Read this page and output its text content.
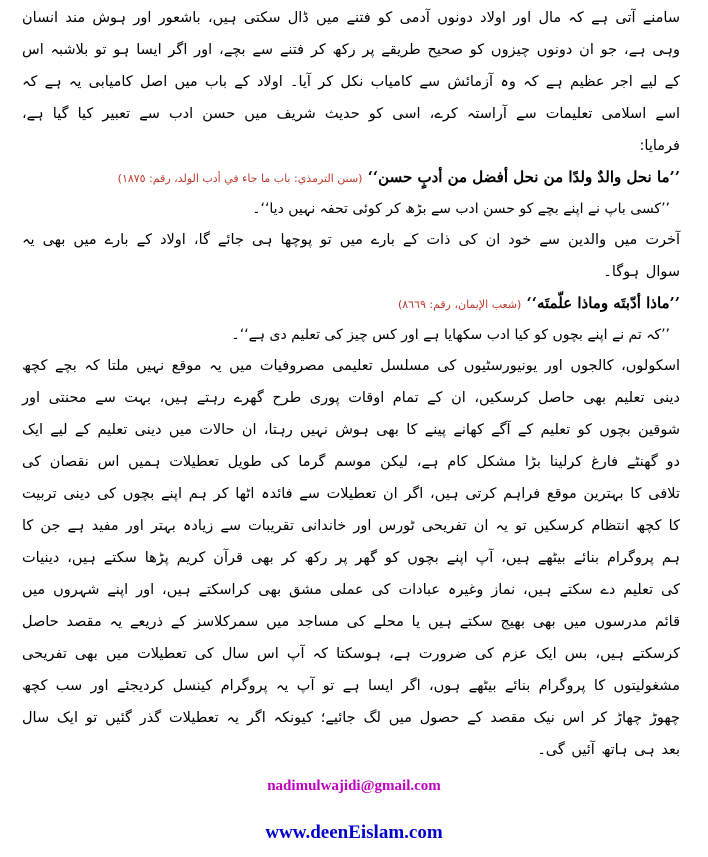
سامنے آتی ہے کہ مال اور اولاد دونوں آدمی کو فتنے میں ڈال سکتی ہیں، باشعور اور ہوش مند انسان وہی ہے، جو ان دونوں چیزوں کو صحیح طریقے پر رکھ کر فتنے سے بچے، اور اگر ایسا ہو تو بلاشبہ اس کے لیے اجر عظیم ہے کہ وہ آزمائش سے کامیاب نکل کر آیا۔ اولاد کے باب میں اصل کامیابی یہ ہے کہ اسے اسلامی تعلیمات سے آراستہ کرے، اسی کو حدیث شریف میں حسن ادب سے تعبیر کیا گیا ہے، فرمایا:

’’ما نحل والدٌ ولدًا من نحل أفضل من أدبٍ حسن‘‘ (سنن الترمذي: باب ما جاء في أدب الولد، رقم: ١٨٧٥)

’’کسی باپ نے اپنے بچے کو حسن ادب سے بڑھ کر کوئی تحفہ نہیں دیا‘‘۔

آخرت میں والدین سے خود ان کی ذات کے بارے میں تو پوچھا ہی جائے گا، اولاد کے بارے میں بھی یہ سوال ہوگا۔

’’ماذا أدّبتَه وماذا علّمتَه‘‘ (شعب الإيمان، رقم: ٨٦٦٩)

’’کہ تم نے اپنے بچوں کو کیا ادب سکھایا ہے اور کس چیز کی تعلیم دی ہے‘‘۔

اسکولوں، کالجوں اور یونیورسٹیوں کی مسلسل تعلیمی مصروفیات میں یہ موقع نہیں ملتا کہ بچے کچھ دینی تعلیم بھی حاصل کرسکیں، ان کے تمام اوقات پوری طرح گھرے رہتے ہیں، بہت سے محنتی اور شوقین بچوں کو تعلیم کے آگے کھانے پینے کا بھی ہوش نہیں رہتا، ان حالات میں دینی تعلیم کے لیے ایک دو گھنٹے فارغ کرلینا بڑا مشکل کام ہے، لیکن موسم گرما کی طویل تعطیلات ہمیں اس نقصان کی تلافی کا بہترین موقع فراہم کرتی ہیں، اگر ان تعطیلات سے فائدہ اٹھا کر ہم اپنے بچوں کی دینی تربیت کا کچھ انتظام کرسکیں تو یہ ان تفریحی ٹورس اور خاندانی تقریبات سے زیادہ بہتر اور مفید ہے جن کا ہم پروگرام بنائے بیٹھے ہیں، آپ اپنے بچوں کو گھر پر رکھ کر بھی قرآن کریم پڑھا سکتے ہیں، دینیات کی تعلیم دے سکتے ہیں، نماز وغیرہ عبادات کی عملی مشق بھی کراسکتے ہیں، اور اپنے شہروں میں قائم مدرسوں میں بھی بھیج سکتے ہیں یا محلے کی مساجد میں سمرکلاسز کے ذریعے یہ مقصد حاصل کرسکتے ہیں، بس ایک عزم کی ضرورت ہے، ہوسکتا کہ آپ اس سال کی تعطیلات میں بھی تفریحی مشغولیتوں کا پروگرام بنائے بیٹھے ہوں، اگر ایسا ہے تو آپ یہ پروگرام کینسل کردیجئے اور سب کچھ چھوڑ چھاڑ کر اس نیک مقصد کے حصول میں لگ جائیے؛ کیونکہ اگر یہ تعطیلات گذر گئیں تو ایک سال بعد ہی ہاتھ آئیں گی۔

nadimulwajidi@gmail.com
www.deenEislam.com
